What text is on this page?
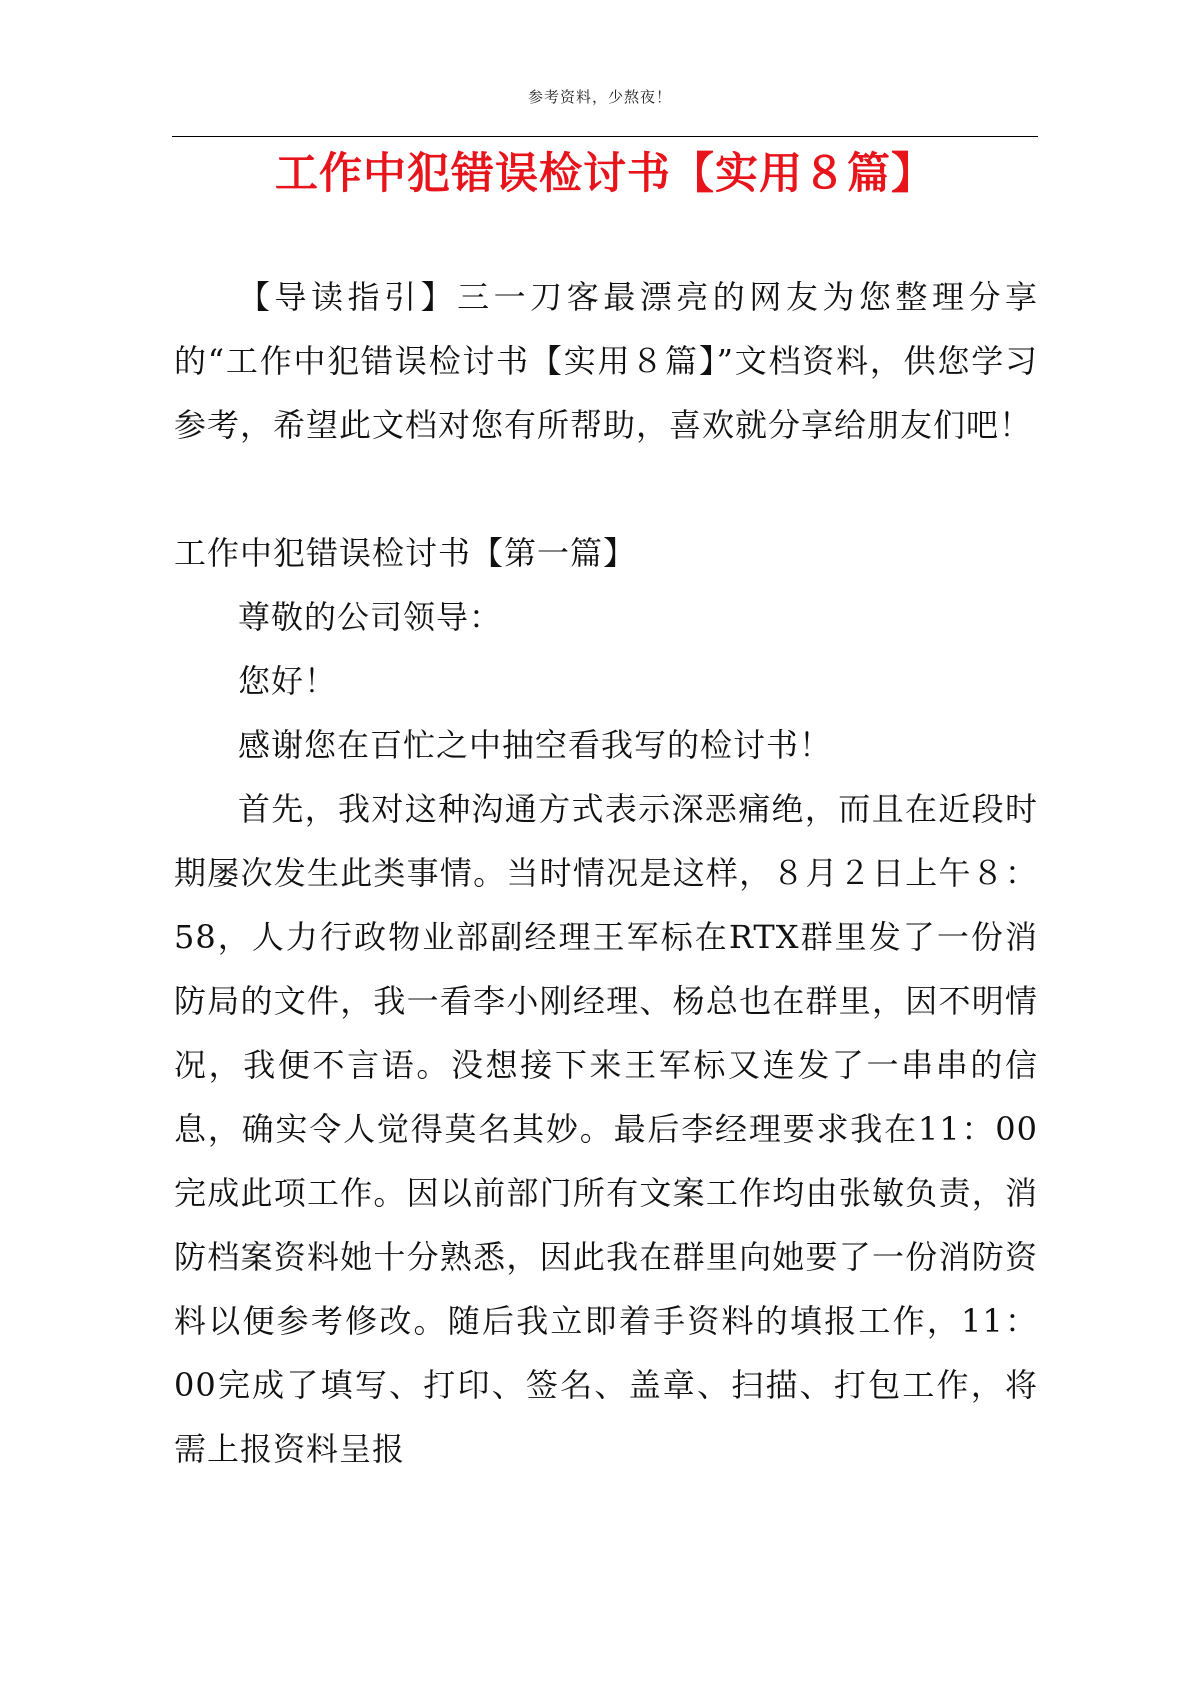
参考资料，少熬夜！
工作中犯错误检讨书【实用８篇】

【导读指引】三一刀客最漂亮的网友为您整理分享的“工作中犯错误检讨书【实用８篇】”文档资料，供您学习参考，希望此文档对您有所帮助，喜欢就分享给朋友们吧！

工作中犯错误检讨书【第一篇】

尊敬的公司领导：

您好！

感谢您在百忙之中抽空看我写的检讨书！

首先，我对这种沟通方式表示深恶痛绝，而且在近段时期屡次发生此类事情。当时情况是这样，８月２日上午８：58，人力行政物业部副经理王军标在RTX群里发了一份消防局的文件，我一看李小刚经理、杨总也在群里，因不明情况，我便不言语。没想接下来王军标又连发了一串串的信息，确实令人觉得莫名其妙。最后李经理要求我在11：00完成此项工作。因以前部门所有文案工作均由张敏负责，消防档案资料她十分熟悉，因此我在群里向她要了一份消防资料以便参考修改。随后我立即着手资料的填报工作，11：00完成了填写、打印、签名、盖章、扫描、打包工作，将需上报资料呈报
